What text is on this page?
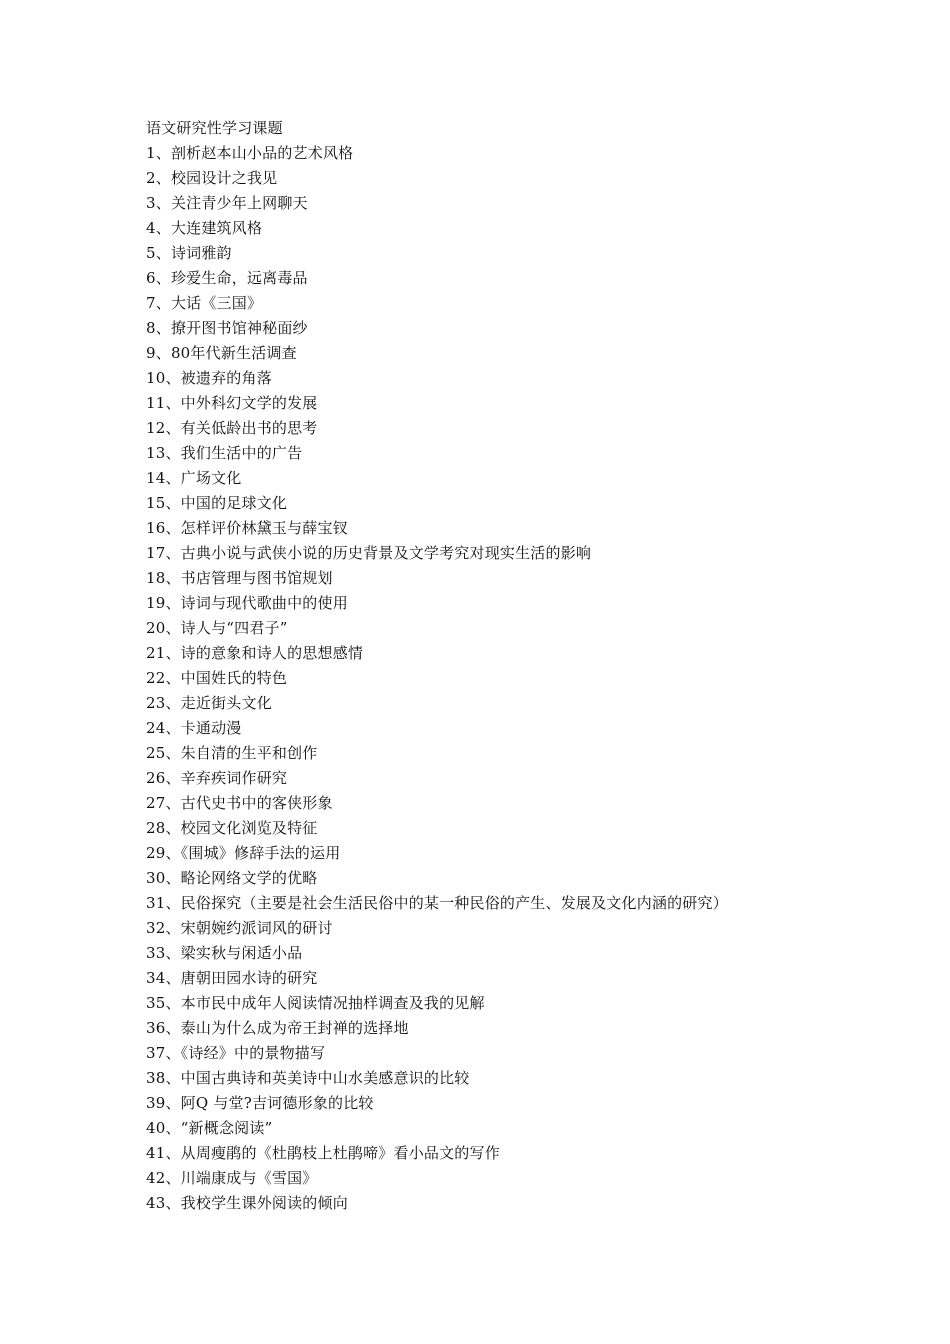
语文研究性学习课题
1、剖析赵本山小品的艺术风格
2、校园设计之我见
3、关注青少年上网聊天
4、大连建筑风格
5、诗词雅韵
6、珍爱生命，远离毒品
7、大话《三国》
8、撩开图书馆神秘面纱
9、80年代新生活调查
10、被遗弃的角落
11、中外科幻文学的发展
12、有关低龄出书的思考
13、我们生活中的广告
14、广场文化
15、中国的足球文化
16、怎样评价林黛玉与薛宝钗
17、古典小说与武侠小说的历史背景及文学考究对现实生活的影响
18、书店管理与图书馆规划
19、诗词与现代歌曲中的使用
20、诗人与“四君子”
21、诗的意象和诗人的思想感情
22、中国姓氏的特色
23、走近街头文化
24、卡通动漫
25、朱自清的生平和创作
26、辛弃疾词作研究
27、古代史书中的客侠形象
28、校园文化浏览及特征
29、《围城》修辞手法的运用
30、略论网络文学的优略
31、民俗探究（主要是社会生活民俗中的某一种民俗的产生、发展及文化内涵的研究）
32、宋朝婉约派词风的研讨
33、梁实秋与闲适小品
34、唐朝田园水诗的研究
35、本市民中成年人阅读情况抽样调查及我的见解
36、泰山为什么成为帝王封禅的选择地
37、《诗经》中的景物描写
38、中国古典诗和英美诗中山水美感意识的比较
39、阿Q 与堂?吉诃德形象的比较
40、“新概念阅读”
41、从周瘦鹃的《杜鹃枝上杜鹃啼》看小品文的写作
42、川端康成与《雪国》
43、我校学生课外阅读的倾向
